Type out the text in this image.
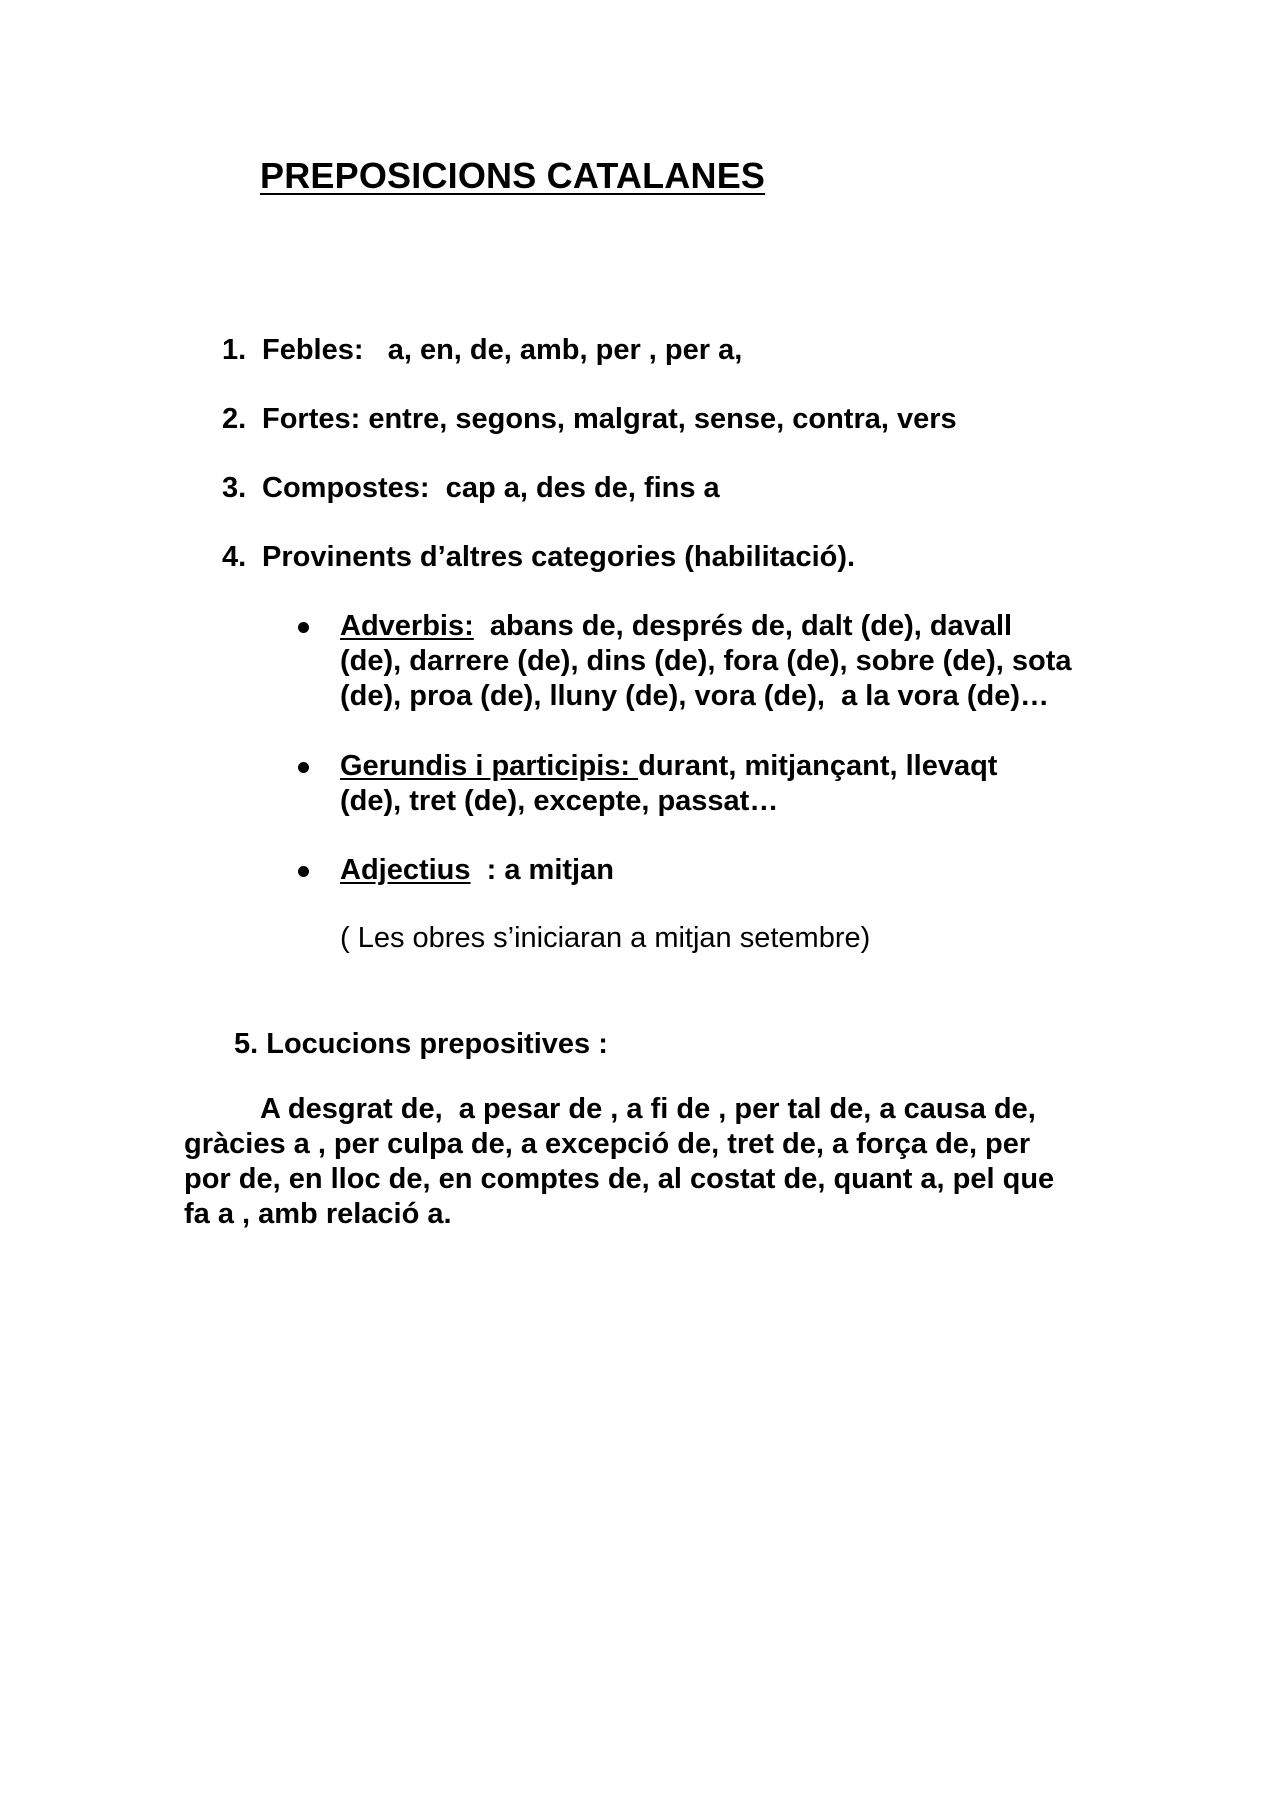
PREPOSICIONS CATALANES
1. Febles:   a, en, de, amb, per , per a,
2. Fortes: entre, segons, malgrat, sense, contra, vers
3. Compostes:  cap a, des de, fins a
4. Provinents d’altres categories (habilitació).
Adverbis: abans de, després de, dalt (de), davall
(de), darrere (de), dins (de), fora (de), sobre (de), sota
(de), proa (de), lluny (de), vora (de),  a la vora (de)…
Gerundis i participis: durant, mitjançant, llevaqt
(de), tret (de), excepte, passat…
Adjectius  : a mitjan
( Les obres s’iniciaran a mitjan setembre)
5. Locucions prepositives :
A desgrat de,  a pesar de , a fi de , per tal de, a causa de,
gràcies a , per culpa de, a excepció de, tret de, a força de, per
por de, en lloc de, en comptes de, al costat de, quant a, pel que
fa a , amb relació a.
